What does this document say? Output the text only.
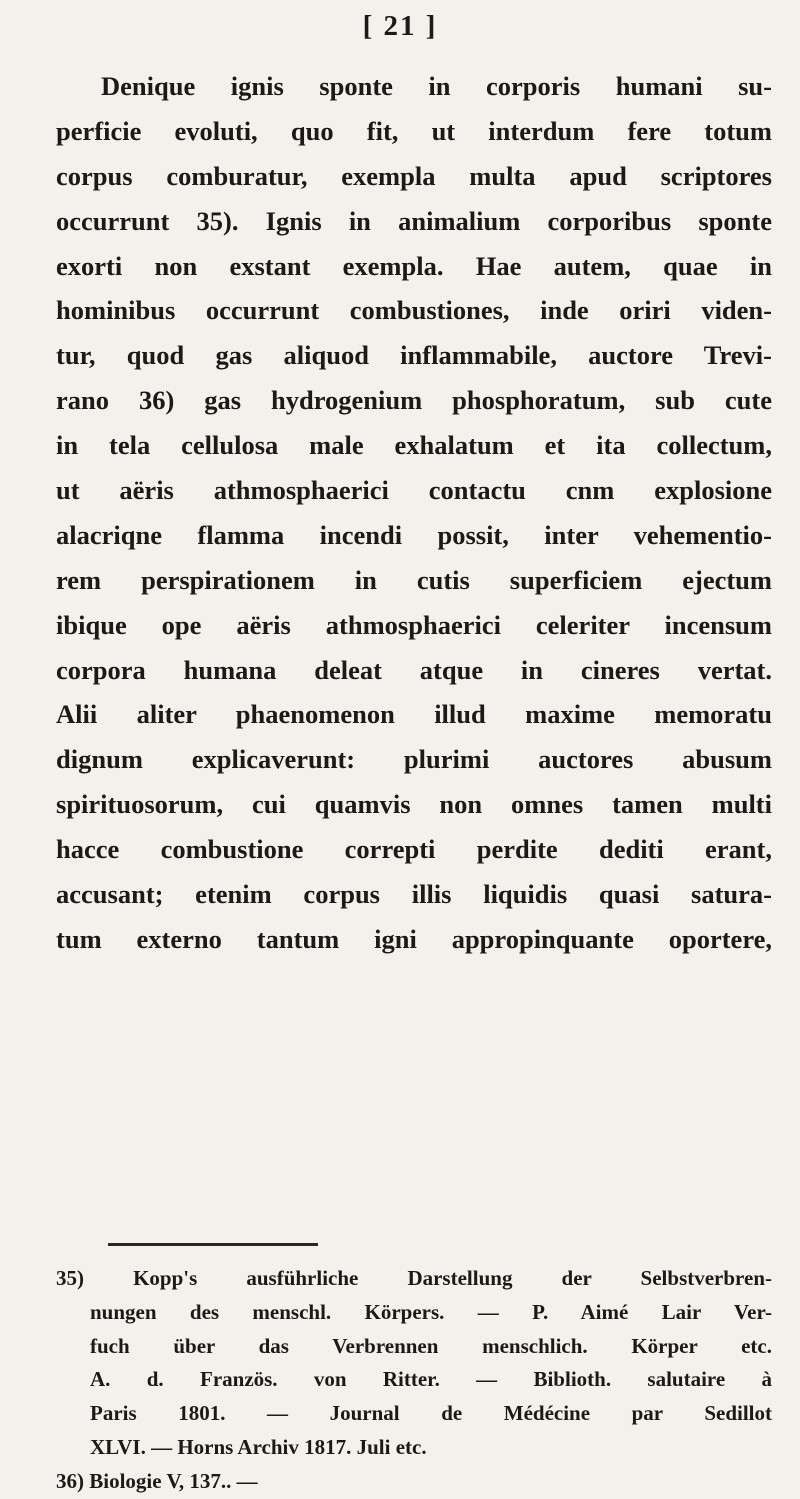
[ 21 ]
Denique ignis sponte in corporis humani su-
perficie evoluti, quo fit, ut interdum fere totum
corpus comburatur, exempla multa apud scriptores
occurrunt 35). Ignis in animalium corporibus sponte
exorti non exstant exempla. Hae autem, quae in
hominibus occurrunt combustiones, inde oriri viden-
tur, quod gas aliquod inflammabile, auctore Trevi-
rano 36) gas hydrogenium phosphoratum, sub cute
in tela cellulosa male exhalatum et ita collectum,
ut aëris athmosphaerici contactu cnm explosione
alacriqne flamma incendi possit, inter vehementio-
rem perspirationem in cutis superficiem ejectum
ibique ope aëris athmosphaerici celeriter incensum
corpora humana deleat atque in cineres vertat.
Alii aliter phaenomenon illud maxime memoratu
dignum explicaverunt: plurimi auctores abusum
spirituosorum, cui quamvis non omnes tamen multi
hacce combustione correpti perdite dediti erant,
accusant; etenim corpus illis liquidis quasi satura-
tum externo tantum igni appropinquante oportere,
35) Kopp's ausführliche Darstellung der Selbstverbren-
nungen des menschl. Körpers. — P. Aimé Lair Ver-
fuch über das Verbrennen menschlich. Körper etc.
A. d. Französ. von Ritter. — Biblioth. salutaire à
Paris 1801. — Journal de Médécine par Sedillot
XLVI. — Horns Archiv 1817. Juli etc.
36) Biologie V, 137.. —
